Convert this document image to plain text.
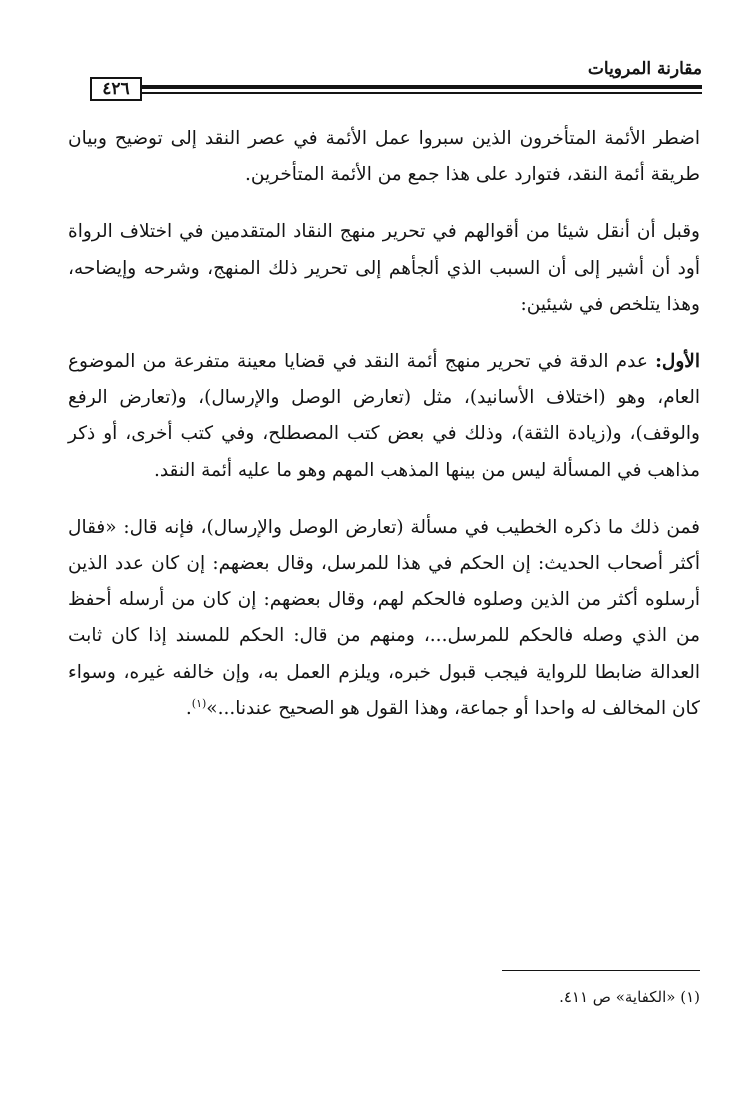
٤٢٦
مقارنة المرويات

اضطر الأئمة المتأخرون الذين سبروا عمل الأئمة في عصر النقد إلى توضيح وبيان طريقة أئمة النقد، فتوارد على هذا جمع من الأئمة المتأخرين.

وقبل أن أنقل شيئا من أقوالهم في تحرير منهج النقاد المتقدمين في اختلاف الرواة أود أن أشير إلى أن السبب الذي ألجأهم إلى تحرير ذلك المنهج، وشرحه وإيضاحه، وهذا يتلخص في شيئين:

الأول: عدم الدقة في تحرير منهج أئمة النقد في قضايا معينة متفرعة من الموضوع العام، وهو (اختلاف الأسانيد)، مثل (تعارض الوصل والإرسال)، و(تعارض الرفع والوقف)، و(زيادة الثقة)، وذلك في بعض كتب المصطلح، وفي كتب أخرى، أو ذكر مذاهب في المسألة ليس من بينها المذهب المهم وهو ما عليه أئمة النقد.

فمن ذلك ما ذكره الخطيب في مسألة (تعارض الوصل والإرسال)، فإنه قال: «فقال أكثر أصحاب الحديث: إن الحكم في هذا للمرسل، وقال بعضهم: إن كان عدد الذين أرسلوه أكثر من الذين وصلوه فالحكم لهم، وقال بعضهم: إن كان من أرسله أحفظ من الذي وصله فالحكم للمرسل...، ومنهم من قال: الحكم للمسند إذا كان ثابت العدالة ضابطا للرواية فيجب قبول خبره، ويلزم العمل به، وإن خالفه غيره، وسواء كان المخالف له واحدا أو جماعة، وهذا القول هو الصحيح عندنا...»$^{(١)}$.

(١) «الكفاية» ص ٤١١.
